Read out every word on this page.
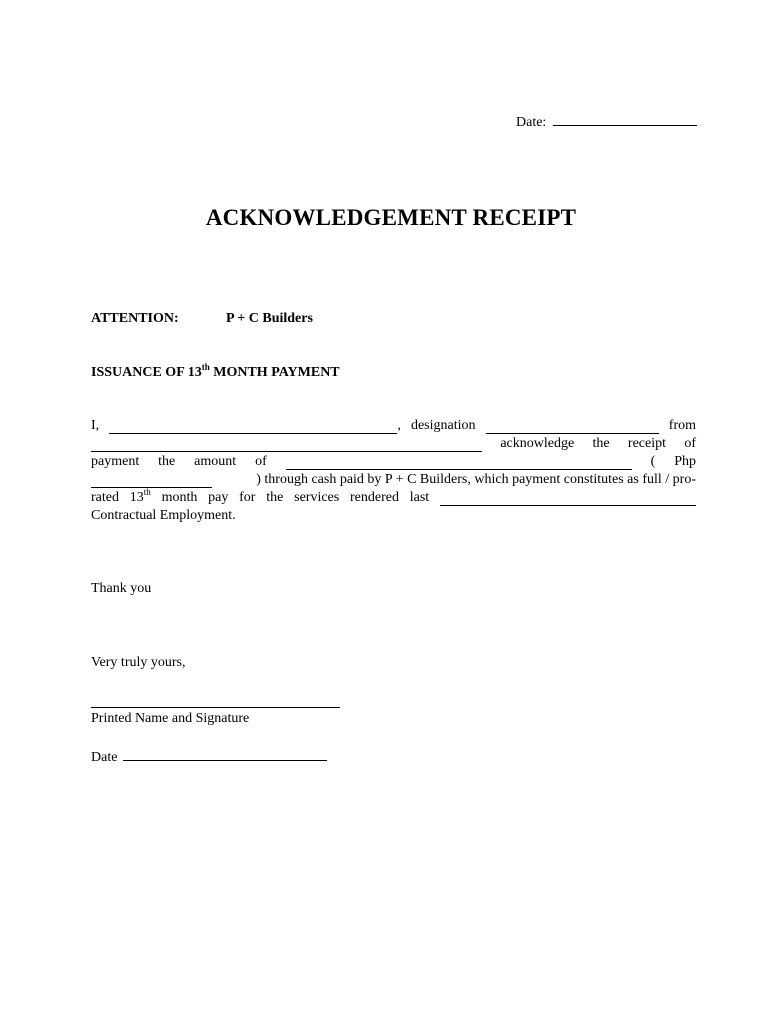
Date:
ACKNOWLEDGEMENT RECEIPT
ATTENTION:	P + C Builders
ISSUANCE OF 13th MONTH PAYMENT
I,	, designation	from
acknowledge the receipt of
payment the amount of	( Php
) through cash paid by P + C Builders, which payment constitutes as full / pro-
rated 13th month pay for the services rendered last
Contractual Employment.
Thank you
Very truly yours,
Printed Name and Signature
Date
